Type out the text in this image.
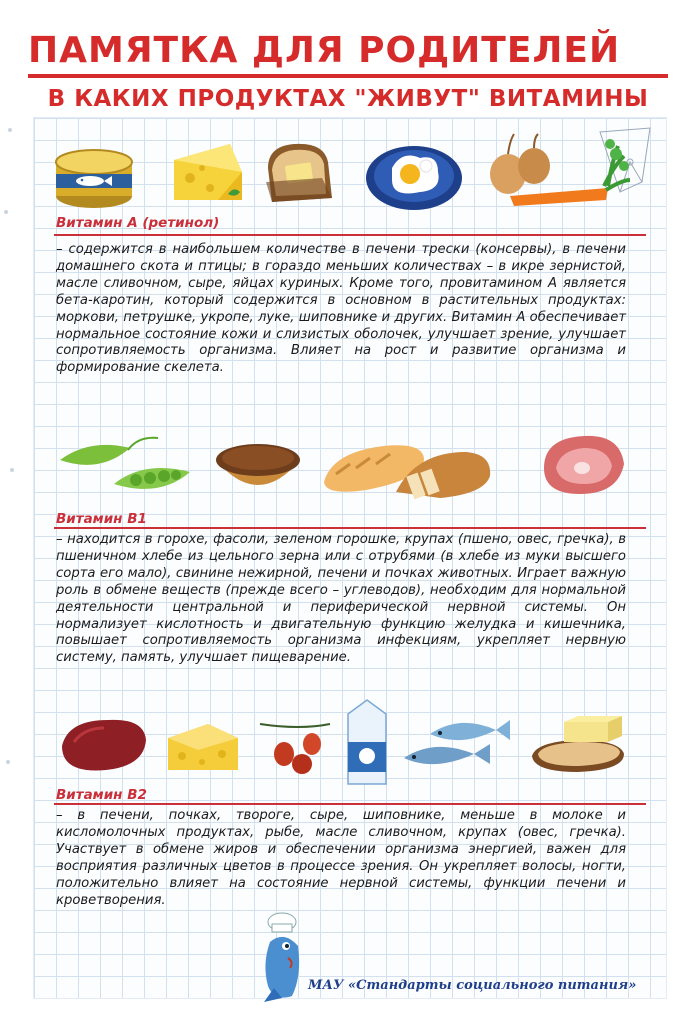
ПАМЯТКА ДЛЯ РОДИТЕЛЕЙ
В КАКИХ ПРОДУКТАХ "ЖИВУТ" ВИТАМИНЫ
Витамин А (ретинол)
– содержится в наибольшем количестве в печени трески (консервы), в печени домашнего скота и птицы; в гораздо меньших количествах – в икре зернистой, масле сливочном, сыре, яйцах куриных. Кроме того, провитамином А является бета-каротин, который содержится в основном в растительных продуктах: моркови, петрушке, укропе, луке, шиповнике и других. Витамин А обеспечивает нормальное состояние кожи и слизистых оболочек, улучшает зрение, улучшает сопротивляемость организма. Влияет на рост и развитие организма и формирование скелета.
Витамин В1
– находится в горохе, фасоли, зеленом горошке, крупах (пшено, овес, гречка), в пшеничном хлебе из цельного зерна или с отрубями (в хлебе из муки высшего сорта его мало), свинине нежирной, печени и почках животных. Играет важную роль в обмене веществ (прежде всего – углеводов), необходим для нормальной деятельности центральной и периферической нервной системы. Он нормализует кислотность и двигательную функцию желудка и кишечника, повышает сопротивляемость организма инфекциям, укрепляет нервную систему, память, улучшает пищеварение.
Витамин В2
– в печени, почках, твороге, сыре, шиповнике, меньше в молоке и кисломолочных продуктах, рыбе, масле сливочном, крупах (овес, гречка). Участвует в обмене жиров и обеспечении организма энергией, важен для восприятия различных цветов в процессе зрения. Он укрепляет волосы, ногти, положительно влияет на состояние нервной системы, функции печени и кроветворения.
МАУ «Стандарты социального питания»
